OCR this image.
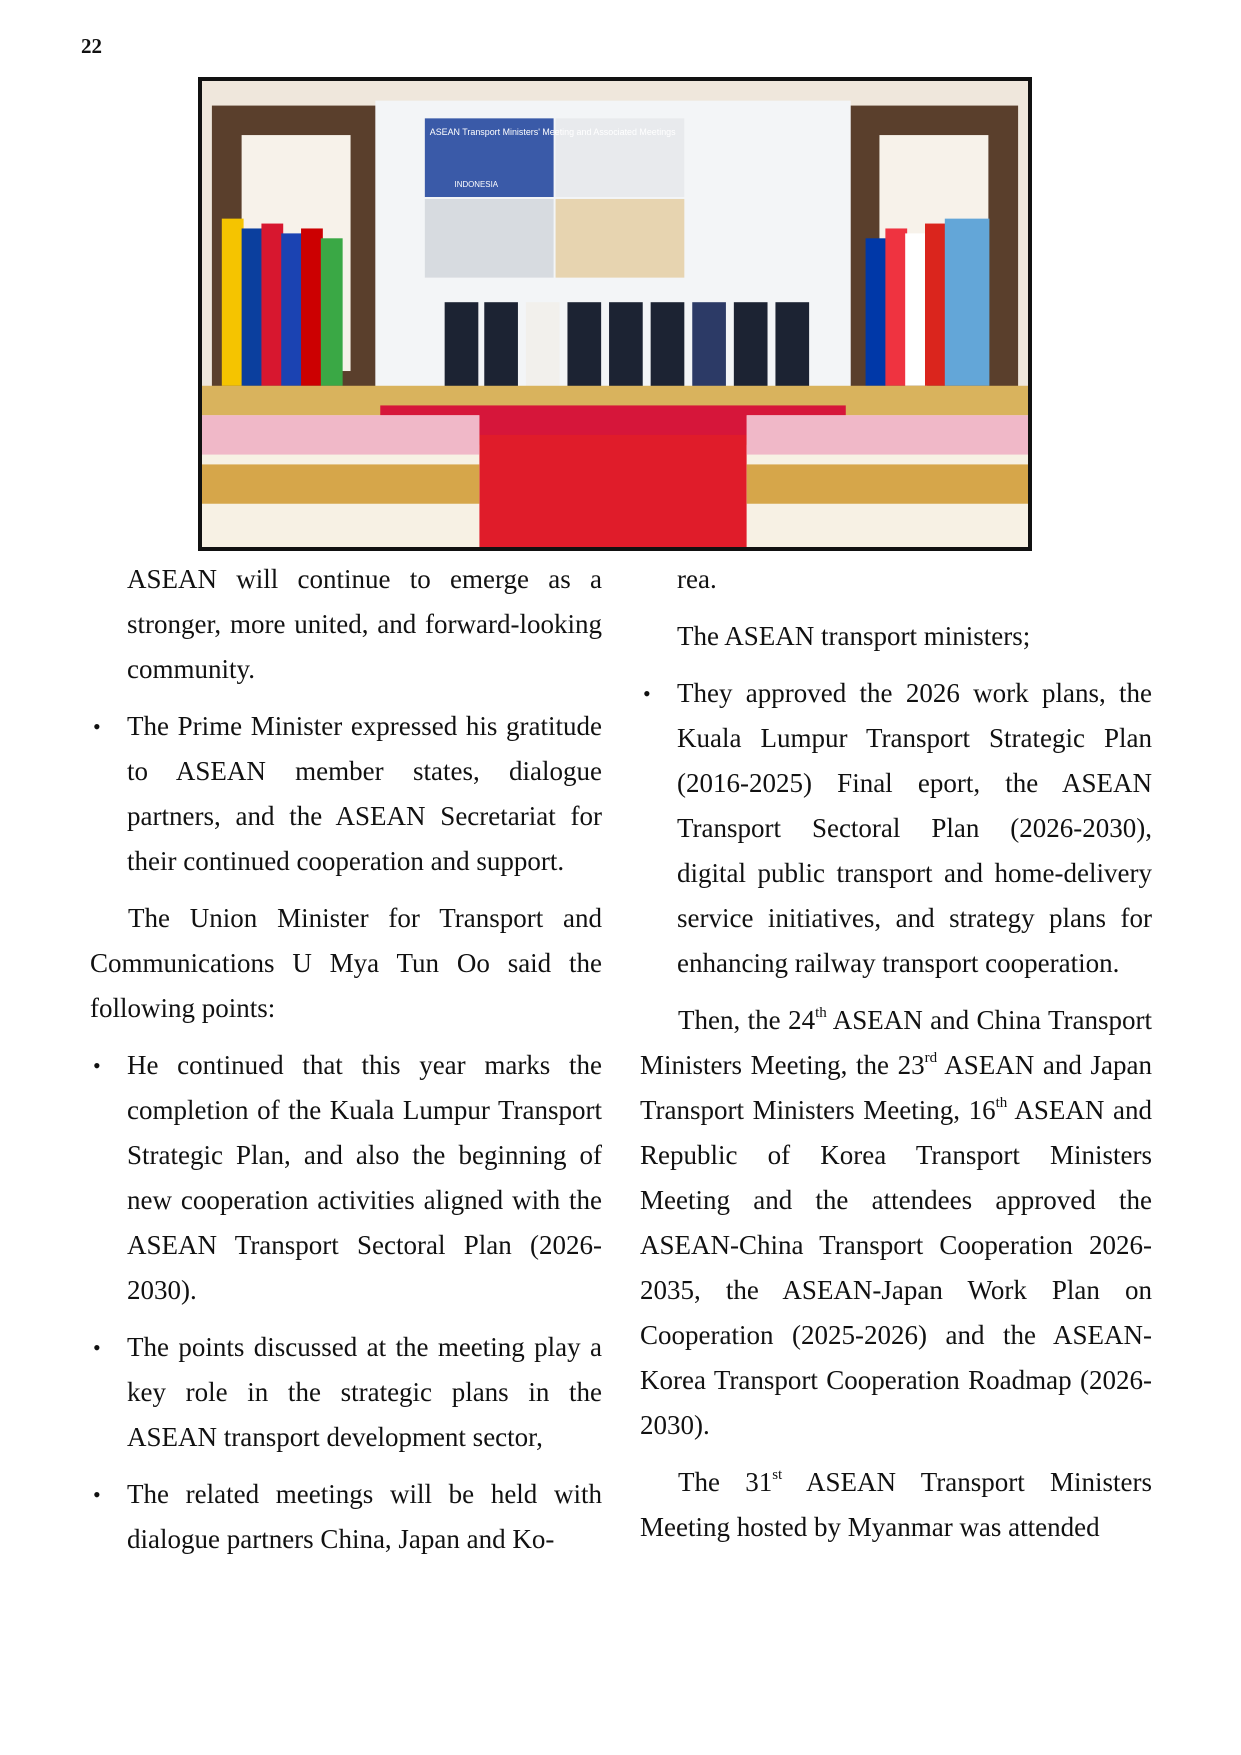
22
ASEAN Transport Ministers' Meeting and Associated Meetings
INDONESIA

ASEAN will continue to emerge as a stronger, more united, and forward-looking community.

• The Prime Minister expressed his gratitude to ASEAN member states, dialogue partners, and the ASEAN Secretariat for their continued cooperation and support.

The Union Minister for Transport and Communications U Mya Tun Oo said the following points:

• He continued that this year marks the completion of the Kuala Lumpur Transport Strategic Plan, and also the beginning of new cooperation activities aligned with the ASEAN Transport Sectoral Plan (2026-2030).
• The points discussed at the meeting play a key role in the strategic plans in the ASEAN transport development sector,
• The related meetings will be held with dialogue partners China, Japan and Ko-

rea.

The ASEAN transport ministers;

• They approved the 2026 work plans, the Kuala Lumpur Transport Strategic Plan (2016-2025) Final eport, the ASEAN Transport Sectoral Plan (2026-2030), digital public transport and home-delivery service initiatives, and strategy plans for enhancing railway transport cooperation.

Then, the 24th ASEAN and China Transport Ministers Meeting, the 23rd ASEAN and Japan Transport Ministers Meeting, 16th ASEAN and Republic of Korea Transport Ministers Meeting and the attendees approved the ASEAN-China Transport Cooperation 2026-2035, the ASEAN-Japan Work Plan on Cooperation (2025-2026) and the ASEAN-Korea Transport Cooperation Roadmap (2026-2030).

The 31st ASEAN Transport Ministers Meeting hosted by Myanmar was attended
